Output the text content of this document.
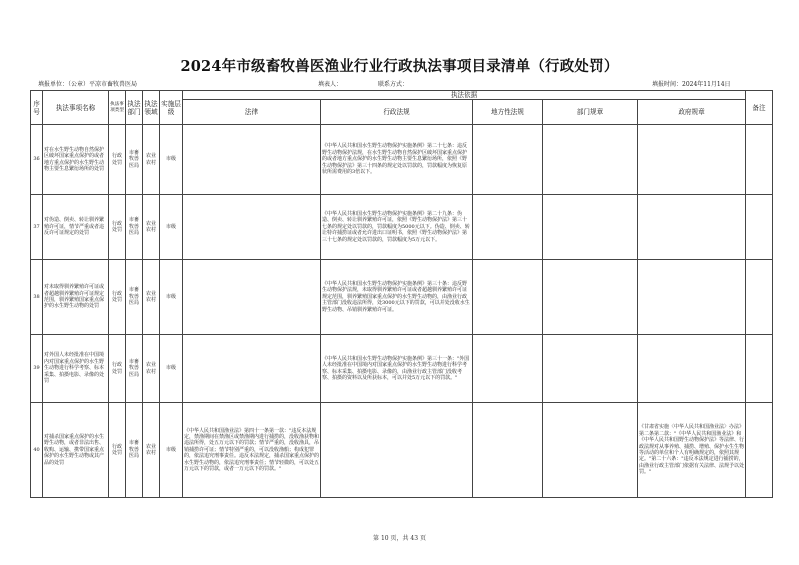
2024年市级畜牧兽医渔业行业行政执法事项目录清单（行政处罚）
填报单位：（公章）平凉市畜牧兽医局	填表人：	联系方式：	填报时间：2024年11月14日
序号	执法事项名称	执法事项类型	执法部门	执法领域	实施层级	执法依据					备注
						法律	行政法规	地方性法规	部门规章	政府规章	
36	对在水生野生动物自然保护区破坏国家重点保护的或者地方重点保护的水生野生动物主要生息繁衍场所的处罚	行政处罚	市畜牧兽医局	农业农村	市级		《中华人民共和国水生野生动物保护实施条例》第二十七条：违反野生动物保护法规，在水生野生动物自然保护区破坏国家重点保护的或者地方重点保护的水生野生动物主要生息繁衍场所，依照《野生动物保护法》第三十四条的规定处以罚款的，罚款幅度为恢复原状所需费用的3倍以下。				
37	对伪造、倒卖、转让驯养繁殖许可证，情节严重或者违反许可证规定的处罚	行政处罚	市畜牧兽医局	农业农村	市级		《中华人民共和国水生野生动物保护实施条例》第二十九条：伪造、倒卖、转让驯养繁殖许可证，依照《野生动物保护法》第三十七条的规定处以罚款的，罚款幅度为5000元以下。伪造、倒卖、转让特许捕捞证或者允许进出口证明书，依照《野生动物保护法》第三十七条的规定处以罚款的，罚款幅度为5万元以下。				
38	对未取得驯养繁殖许可证或者超越驯养繁殖许可证规定范围，驯养繁殖国家重点保护的水生野生动物的处罚	行政处罚	市畜牧兽医局	农业农村	市级		《中华人民共和国水生野生动物保护实施条例》第三十条：违反野生动物保护法规，未取得驯养繁殖许可证或者超越驯养繁殖许可证规定范围，驯养繁殖国家重点保护的水生野生动物的，由渔业行政主管部门没收违法所得，处3000元以下的罚款，可以并处没收水生野生动物、吊销驯养繁殖许可证。				
39	对外国人未经批准在中国境内对国家重点保护的水生野生动物进行科学考察、标本采集、拍摄电影、录像的处罚	行政处罚	市畜牧兽医局	农业农村	市级		《中华人民共和国水生野生动物保护实施条例》第三十一条："外国人未经批准在中国境内对国家重点保护的水生野生动物进行科学考察、标本采集、拍摄电影、录像的，由渔业行政主管部门没收考察、拍摄的资料以及所获标本，可以并处5万元以下的罚款。"				
40	对捕杀国家重点保护的水生野生动物，或者非法出售、收购、运输、携带国家重点保护的水生野生动物或其产品的处罚	行政处罚	市畜牧兽医局	农业农村	市级	《中华人民共和国渔业法》第四十一条第一款："违反本法规定，禁渔期间在禁渔区或禁渔期内进行捕捞的，没收渔获物和违法所得，处五万元以下的罚款；情节严重的，没收渔具，吊销捕捞许可证；情节特别严重的，可以没收渔船；构成犯罪的，依法追究刑事责任。违反本法规定，捕杀国家重点保护的水生野生动物的，依法追究刑事责任；情节轻微的，可以处五万元以下的罚款，或者一万元以下的罚款。"				《甘肃省实施〈中华人民共和国渔业法〉办法》第二条第二款："《中华人民共和国渔业法》和《中华人民共和国野生动物保护法》等法律、行政法规对从事养殖、捕捞、增殖、保护水生生物等活动的单位和个人有明确规定的，依照其规定。"第二十六条："违反本法规定进行捕捞的，由渔业行政主管部门依据有关法律、法规予以处罚。"	
第 10 页，共 43 页
